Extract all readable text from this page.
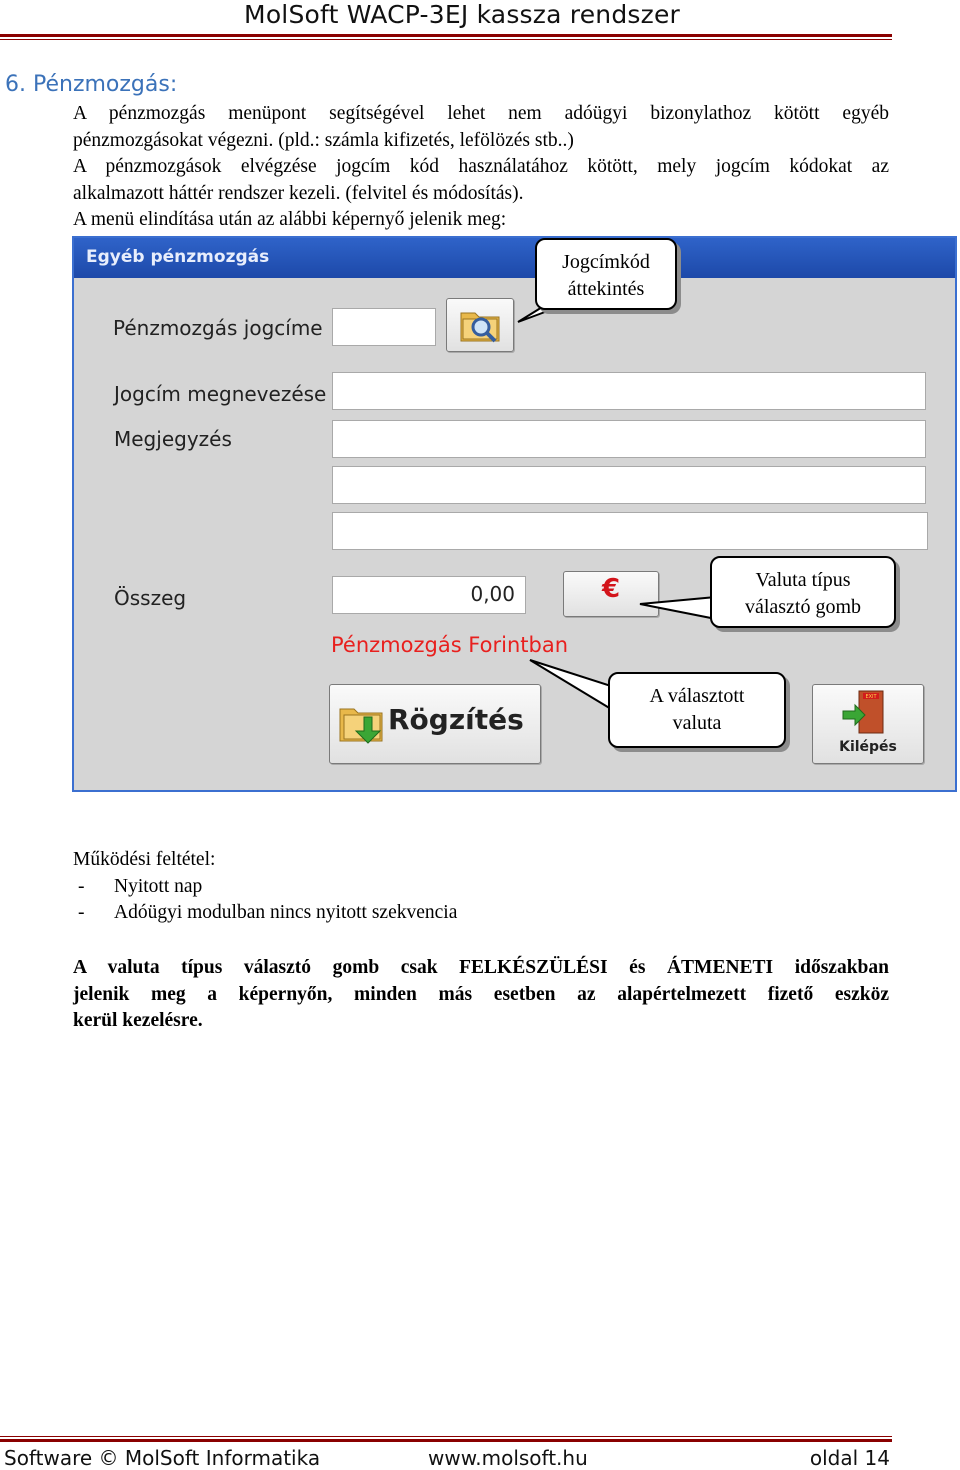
MolSoft WACP-3EJ kassza rendszer
6. Pénzmozgás:

A pénzmozgás menüpont segítségével lehet nem adóügyi bizonylathoz kötött egyéb

pénzmozgásokat végezni. (pld.: számla kifizetés, lefölözés stb..)

A pénzmozgások elvégzése jogcím kód használatához kötött, mely jogcím kódokat az

alkalmazott háttér rendszer kezeli. (felvitel és módosítás).

A menü elindítása után az alábbi képernyő jelenik meg:

Egyéb pénzmozgás
Pénzmozgás jogcíme
Jogcím megnevezése
Megjegyzés
Összeg	0,00	€
Pénzmozgás Forintban
Rögzítés
EXIT
Kilépés
Jogcímkód
áttekintés
Valuta típus
választó gomb
A választott
valuta

Működési feltétel:

- Nyitott nap

- Adóügyi modulban nincs nyitott szekvencia

A valuta típus választó gomb csak FELKÉSZÜLÉSI és ÁTMENETI időszakban

jelenik meg a képernyőn, minden más esetben az alapértelmezett fizető eszköz

kerül kezelésre.

Software © MolSoft Informatika	www.molsoft.hu	oldal 14
